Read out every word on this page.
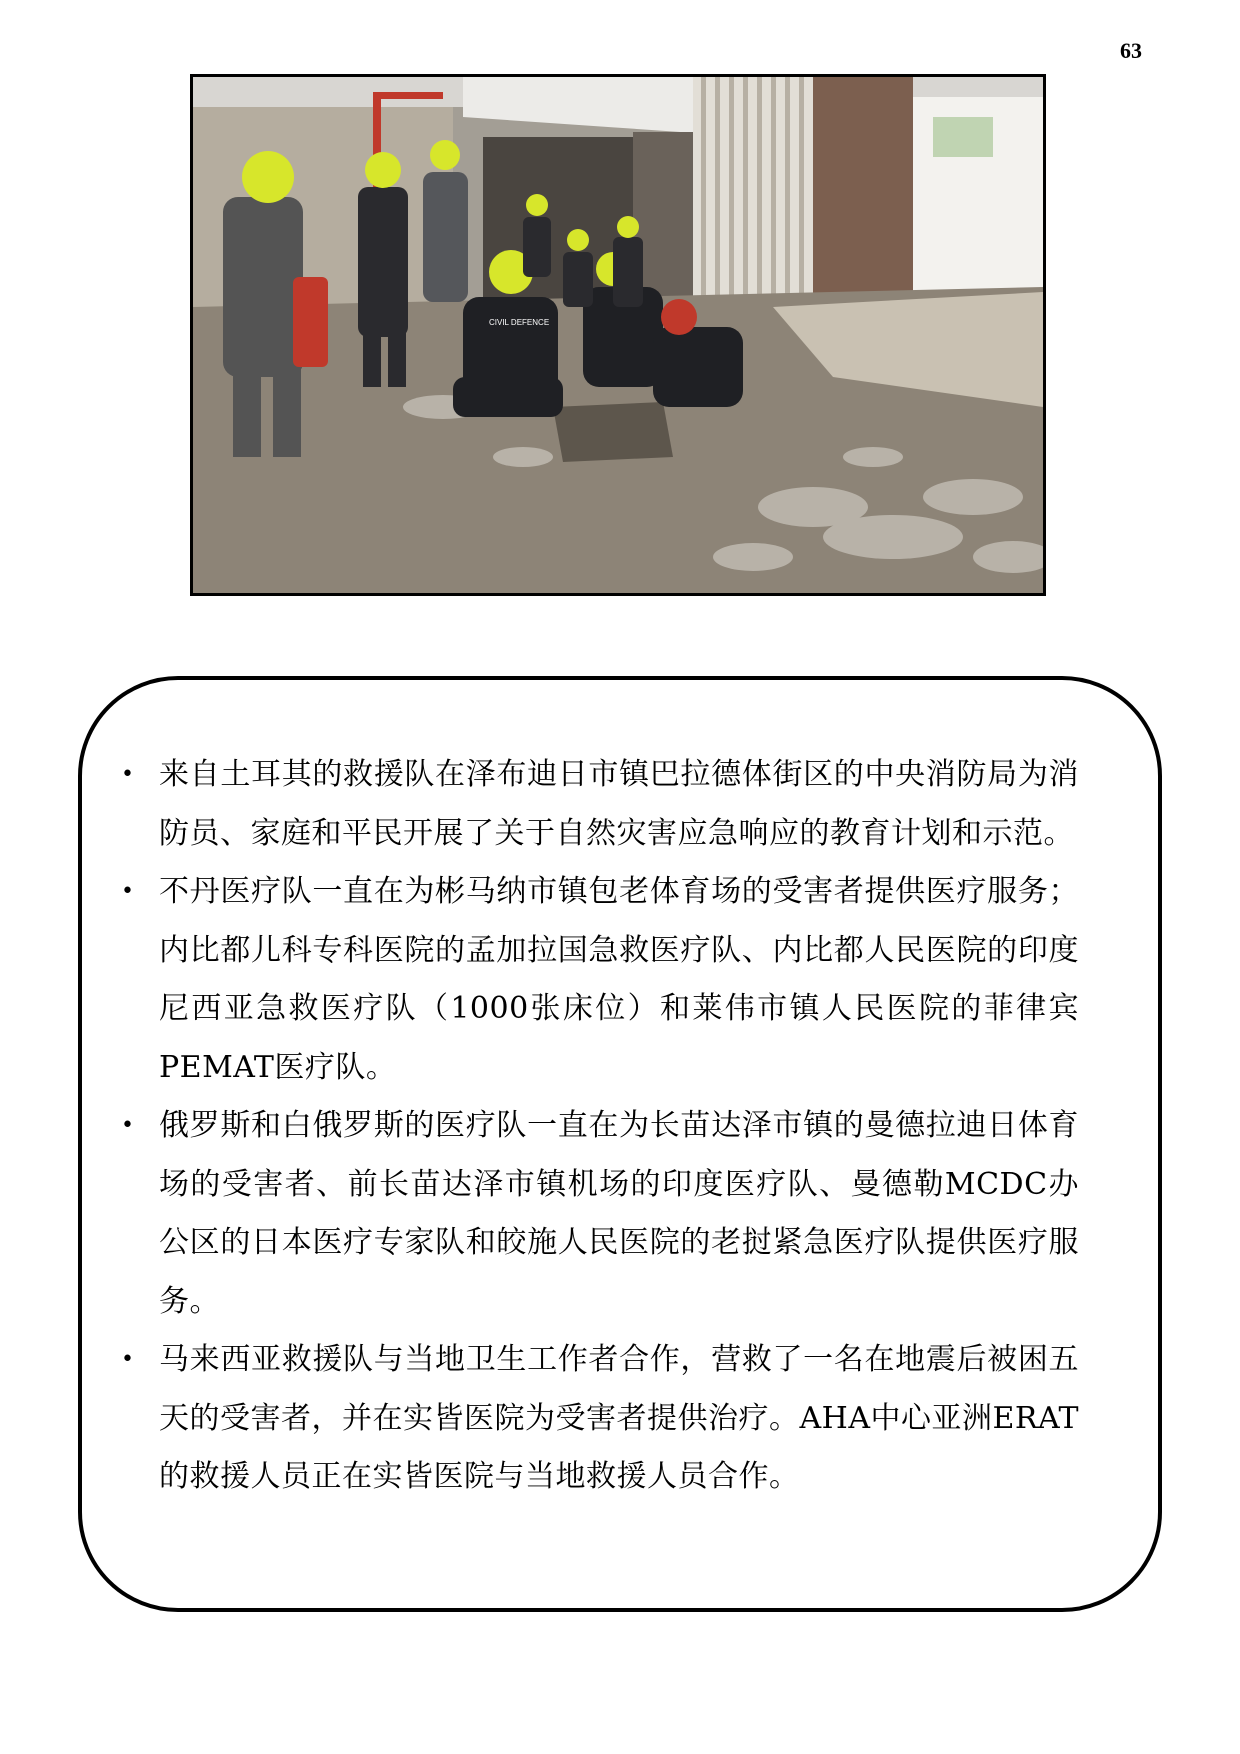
63
CIVIL DEFENCE
• 来自土耳其的救援队在泽布迪日市镇巴拉德体街区的中央消防局为消防员、家庭和平民开展了关于自然灾害应急响应的教育计划和示范。
• 不丹医疗队一直在为彬马纳市镇包老体育场的受害者提供医疗服务；内比都儿科专科医院的孟加拉国急救医疗队、内比都人民医院的印度尼西亚急救医疗队（1000张床位）和莱伟市镇人民医院的菲律宾PEMAT医疗队。
• 俄罗斯和白俄罗斯的医疗队一直在为长苗达泽市镇的曼德拉迪日体育场的受害者、前长苗达泽市镇机场的印度医疗队、曼德勒MCDC办公区的日本医疗专家队和皎施人民医院的老挝紧急医疗队提供医疗服务。
• 马来西亚救援队与当地卫生工作者合作，营救了一名在地震后被困五天的受害者，并在实皆医院为受害者提供治疗。AHA中心亚洲ERAT的救援人员正在实皆医院与当地救援人员合作。
